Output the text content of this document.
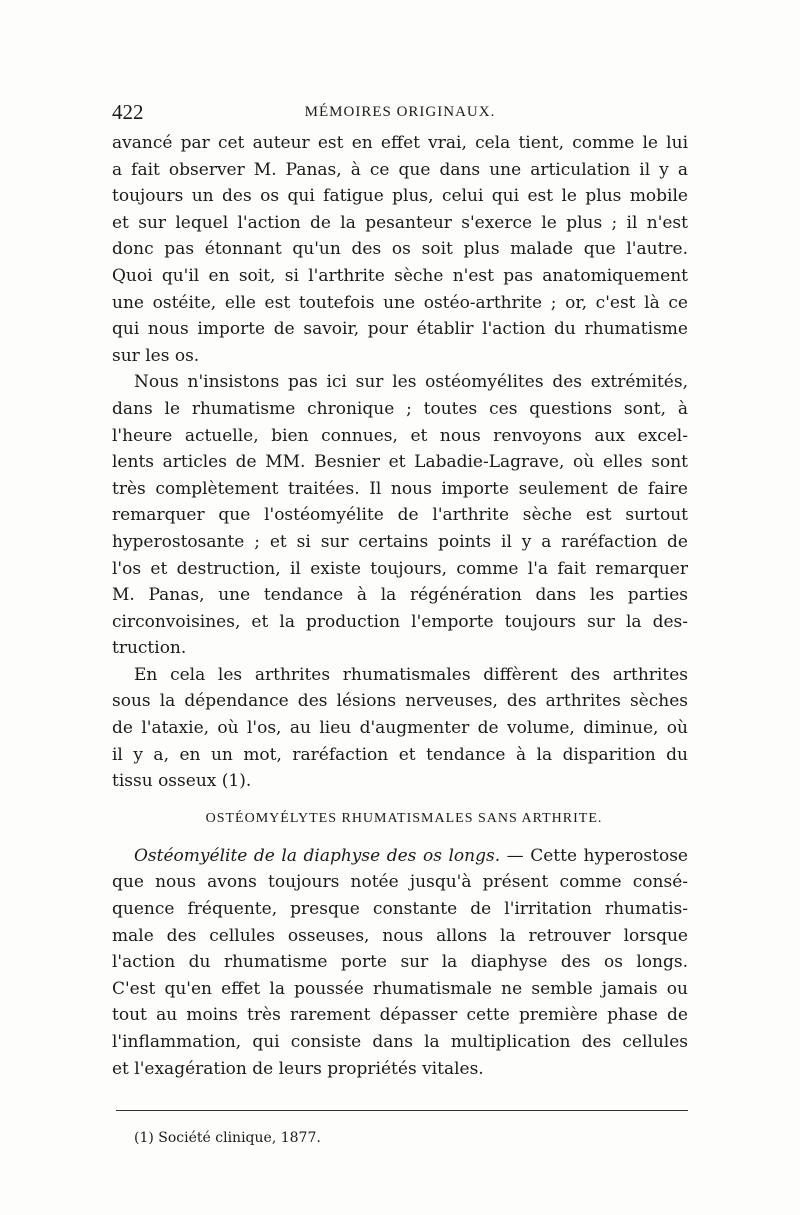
422	MÉMOIRES ORIGINAUX.
avancé par cet auteur est en effet vrai, cela tient, comme le lui
a fait observer M. Panas, à ce que dans une articulation il y a
toujours un des os qui fatigue plus, celui qui est le plus mobile
et sur lequel l'action de la pesanteur s'exerce le plus ; il n'est
donc pas étonnant qu'un des os soit plus malade que l'autre.
Quoi qu'il en soit, si l'arthrite sèche n'est pas anatomiquement
une ostéite, elle est toutefois une ostéo-arthrite ; or, c'est là ce
qui nous importe de savoir, pour établir l'action du rhumatisme
sur les os.
Nous n'insistons pas ici sur les ostéomyélites des extrémités,
dans le rhumatisme chronique ; toutes ces questions sont, à
l'heure actuelle, bien connues, et nous renvoyons aux excel-
lents articles de MM. Besnier et Labadie-Lagrave, où elles sont
très complètement traitées. Il nous importe seulement de faire
remarquer que l'ostéomyélite de l'arthrite sèche est surtout
hyperostosante ; et si sur certains points il y a raréfaction de
l'os et destruction, il existe toujours, comme l'a fait remarquer
M. Panas, une tendance à la régénération dans les parties
circonvoisines, et la production l'emporte toujours sur la des-
truction.
En cela les arthrites rhumatismales diffèrent des arthrites
sous la dépendance des lésions nerveuses, des arthrites sèches
de l'ataxie, où l'os, au lieu d'augmenter de volume, diminue, où
il y a, en un mot, raréfaction et tendance à la disparition du
tissu osseux (1).
OSTÉOMYÉLYTES RHUMATISMALES SANS ARTHRITE.
Ostéomyélite de la diaphyse des os longs. — Cette hyperostose
que nous avons toujours notée jusqu'à présent comme consé-
quence fréquente, presque constante de l'irritation rhumatis-
male des cellules osseuses, nous allons la retrouver lorsque
l'action du rhumatisme porte sur la diaphyse des os longs.
C'est qu'en effet la poussée rhumatismale ne semble jamais ou
tout au moins très rarement dépasser cette première phase de
l'inflammation, qui consiste dans la multiplication des cellules
et l'exagération de leurs propriétés vitales.
(1) Société clinique, 1877.
